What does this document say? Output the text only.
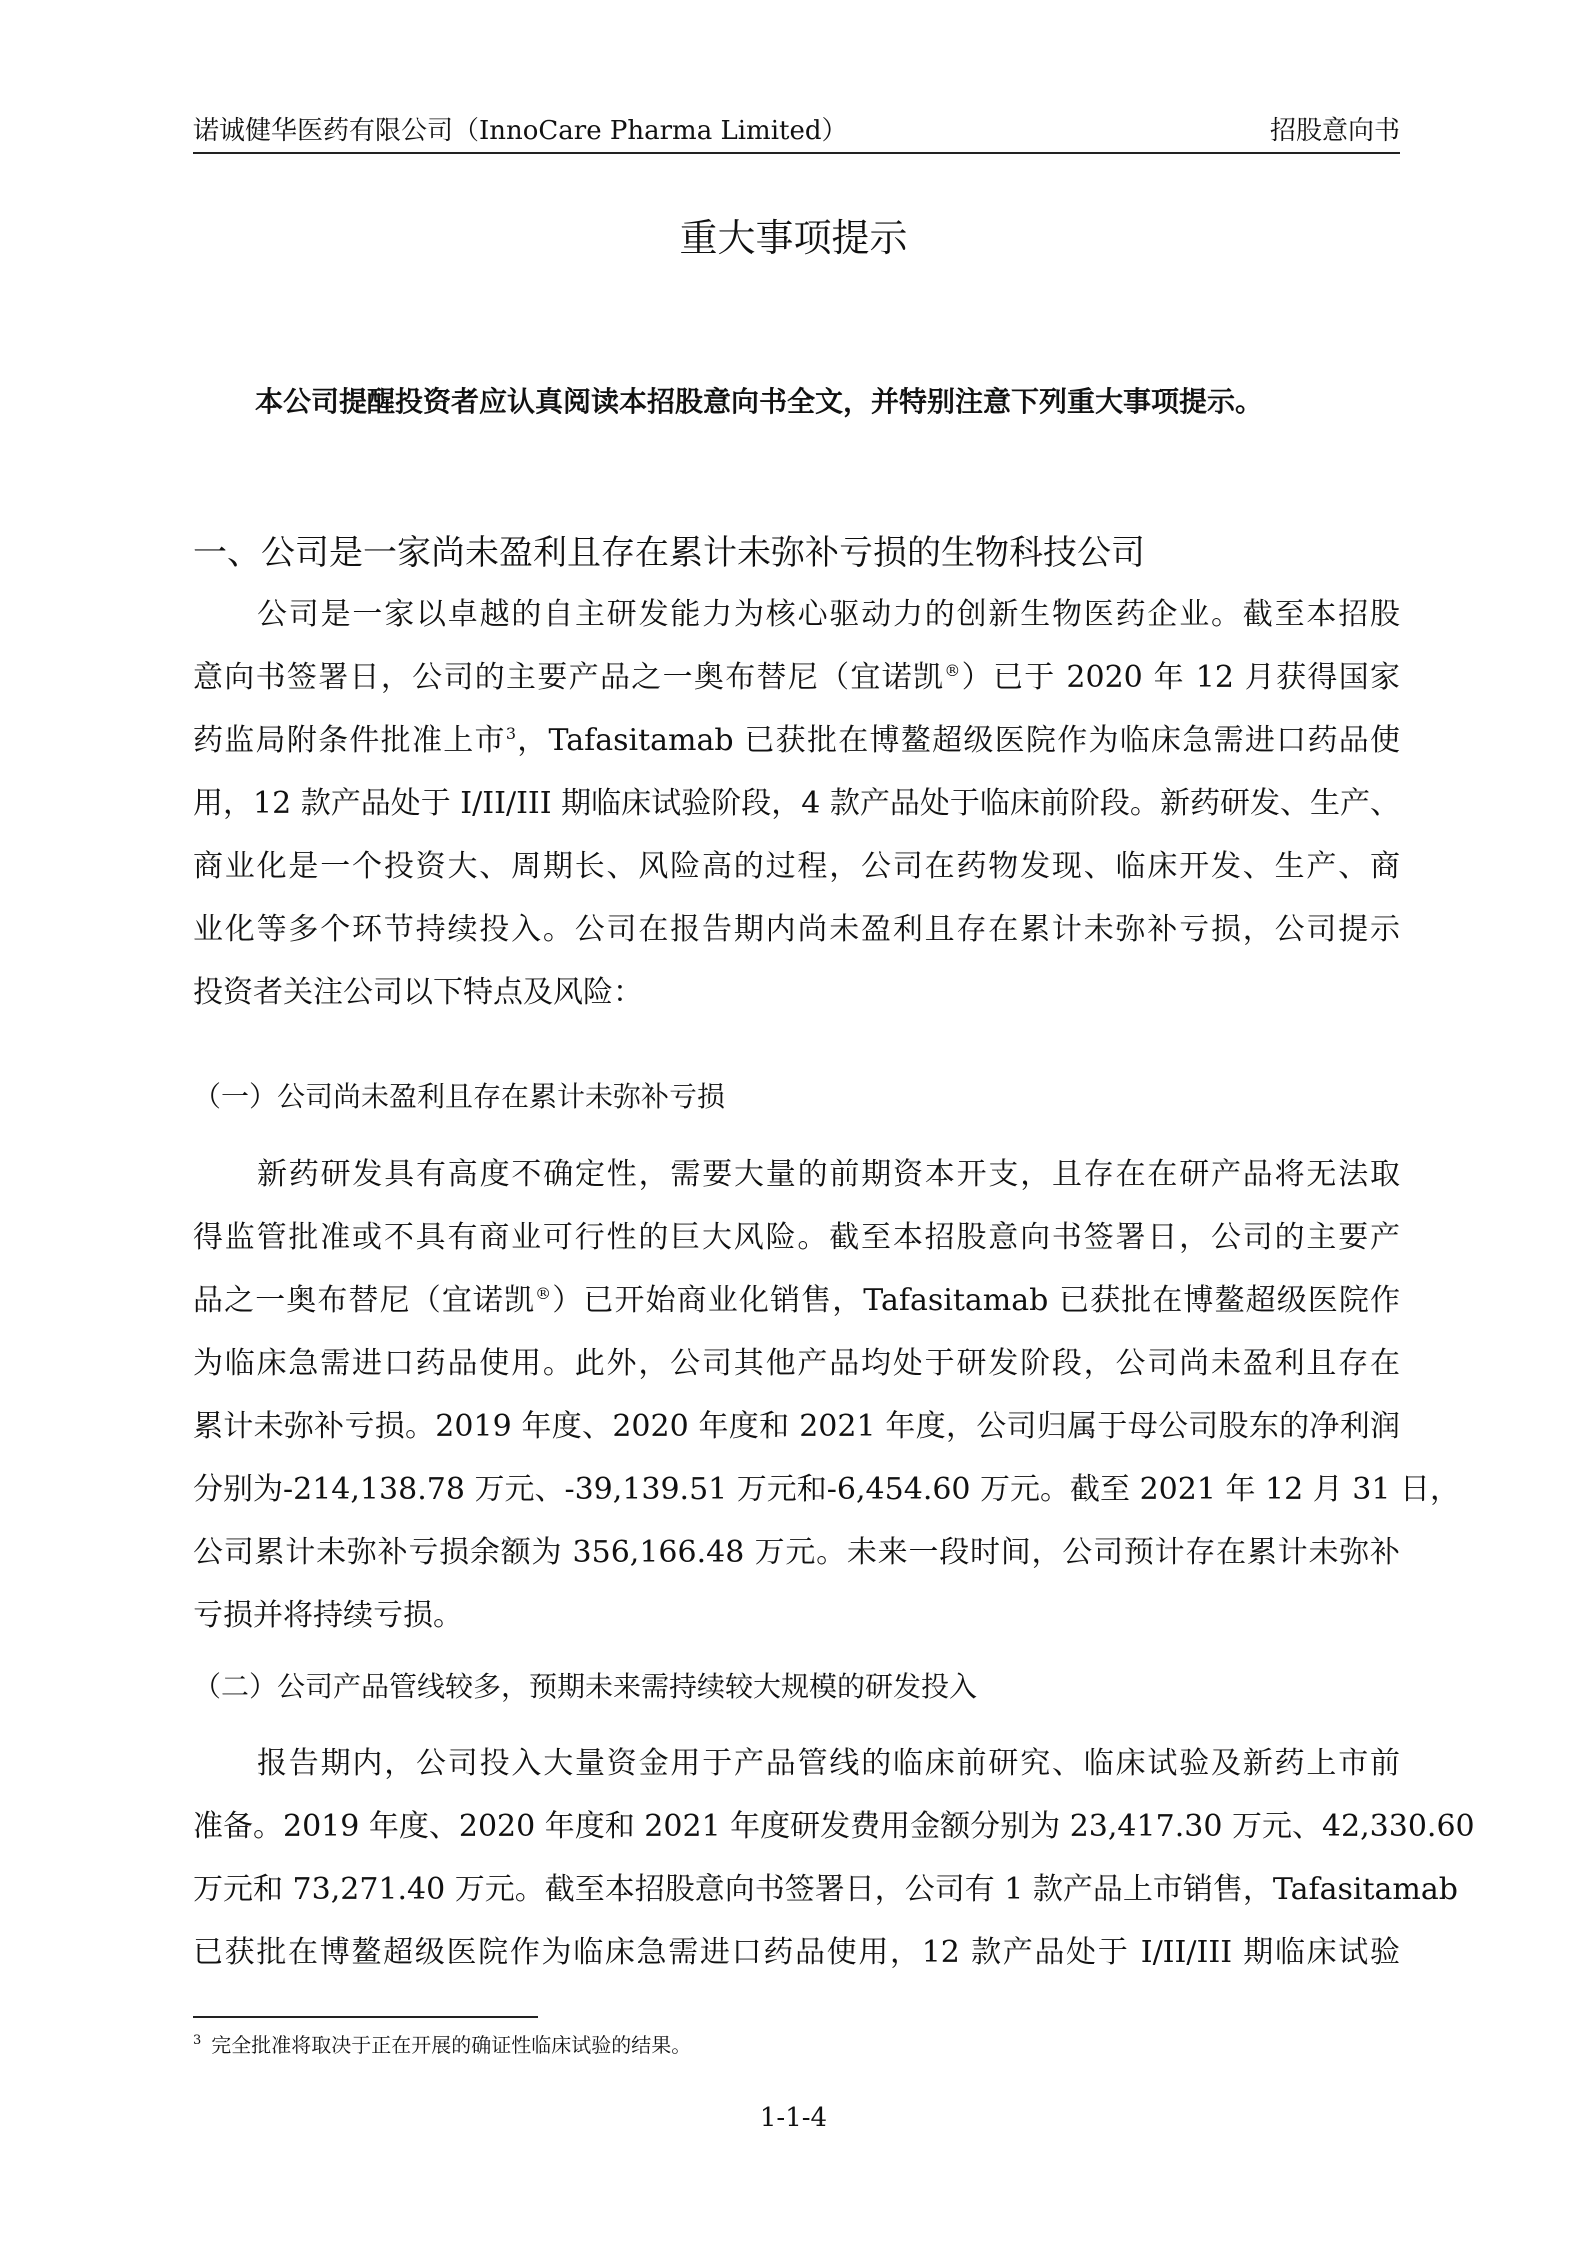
诺诚健华医药有限公司（InnoCare Pharma Limited）	招股意向书
重大事项提示
本公司提醒投资者应认真阅读本招股意向书全文，并特别注意下列重大事项提示。
一、公司是一家尚未盈利且存在累计未弥补亏损的生物科技公司
公司是一家以卓越的自主研发能力为核心驱动力的创新生物医药企业。截至本招股
意向书签署日，公司的主要产品之一奥布替尼（宜诺凯®）已于 2020 年 12 月获得国家
药监局附条件批准上市$^3$，Tafasitamab 已获批在博鳌超级医院作为临床急需进口药品使
用，12 款产品处于 I/II/III 期临床试验阶段，4 款产品处于临床前阶段。新药研发、生产、
商业化是一个投资大、周期长、风险高的过程，公司在药物发现、临床开发、生产、商
业化等多个环节持续投入。公司在报告期内尚未盈利且存在累计未弥补亏损，公司提示
投资者关注公司以下特点及风险：
（一）公司尚未盈利且存在累计未弥补亏损
新药研发具有高度不确定性，需要大量的前期资本开支，且存在在研产品将无法取
得监管批准或不具有商业可行性的巨大风险。截至本招股意向书签署日，公司的主要产
品之一奥布替尼（宜诺凯®）已开始商业化销售，Tafasitamab 已获批在博鳌超级医院作
为临床急需进口药品使用。此外，公司其他产品均处于研发阶段，公司尚未盈利且存在
累计未弥补亏损。2019 年度、2020 年度和 2021 年度，公司归属于母公司股东的净利润
分别为-214,138.78 万元、-39,139.51 万元和-6,454.60 万元。截至 2021 年 12 月 31 日，
公司累计未弥补亏损余额为 356,166.48 万元。未来一段时间，公司预计存在累计未弥补
亏损并将持续亏损。
（二）公司产品管线较多，预期未来需持续较大规模的研发投入
报告期内，公司投入大量资金用于产品管线的临床前研究、临床试验及新药上市前
准备。2019 年度、2020 年度和 2021 年度研发费用金额分别为 23,417.30 万元、42,330.60
万元和 73,271.40 万元。截至本招股意向书签署日，公司有 1 款产品上市销售，Tafasitamab
已获批在博鳌超级医院作为临床急需进口药品使用，12 款产品处于 I/II/III 期临床试验
$^3$ 完全批准将取决于正在开展的确证性临床试验的结果。
1-1-4
